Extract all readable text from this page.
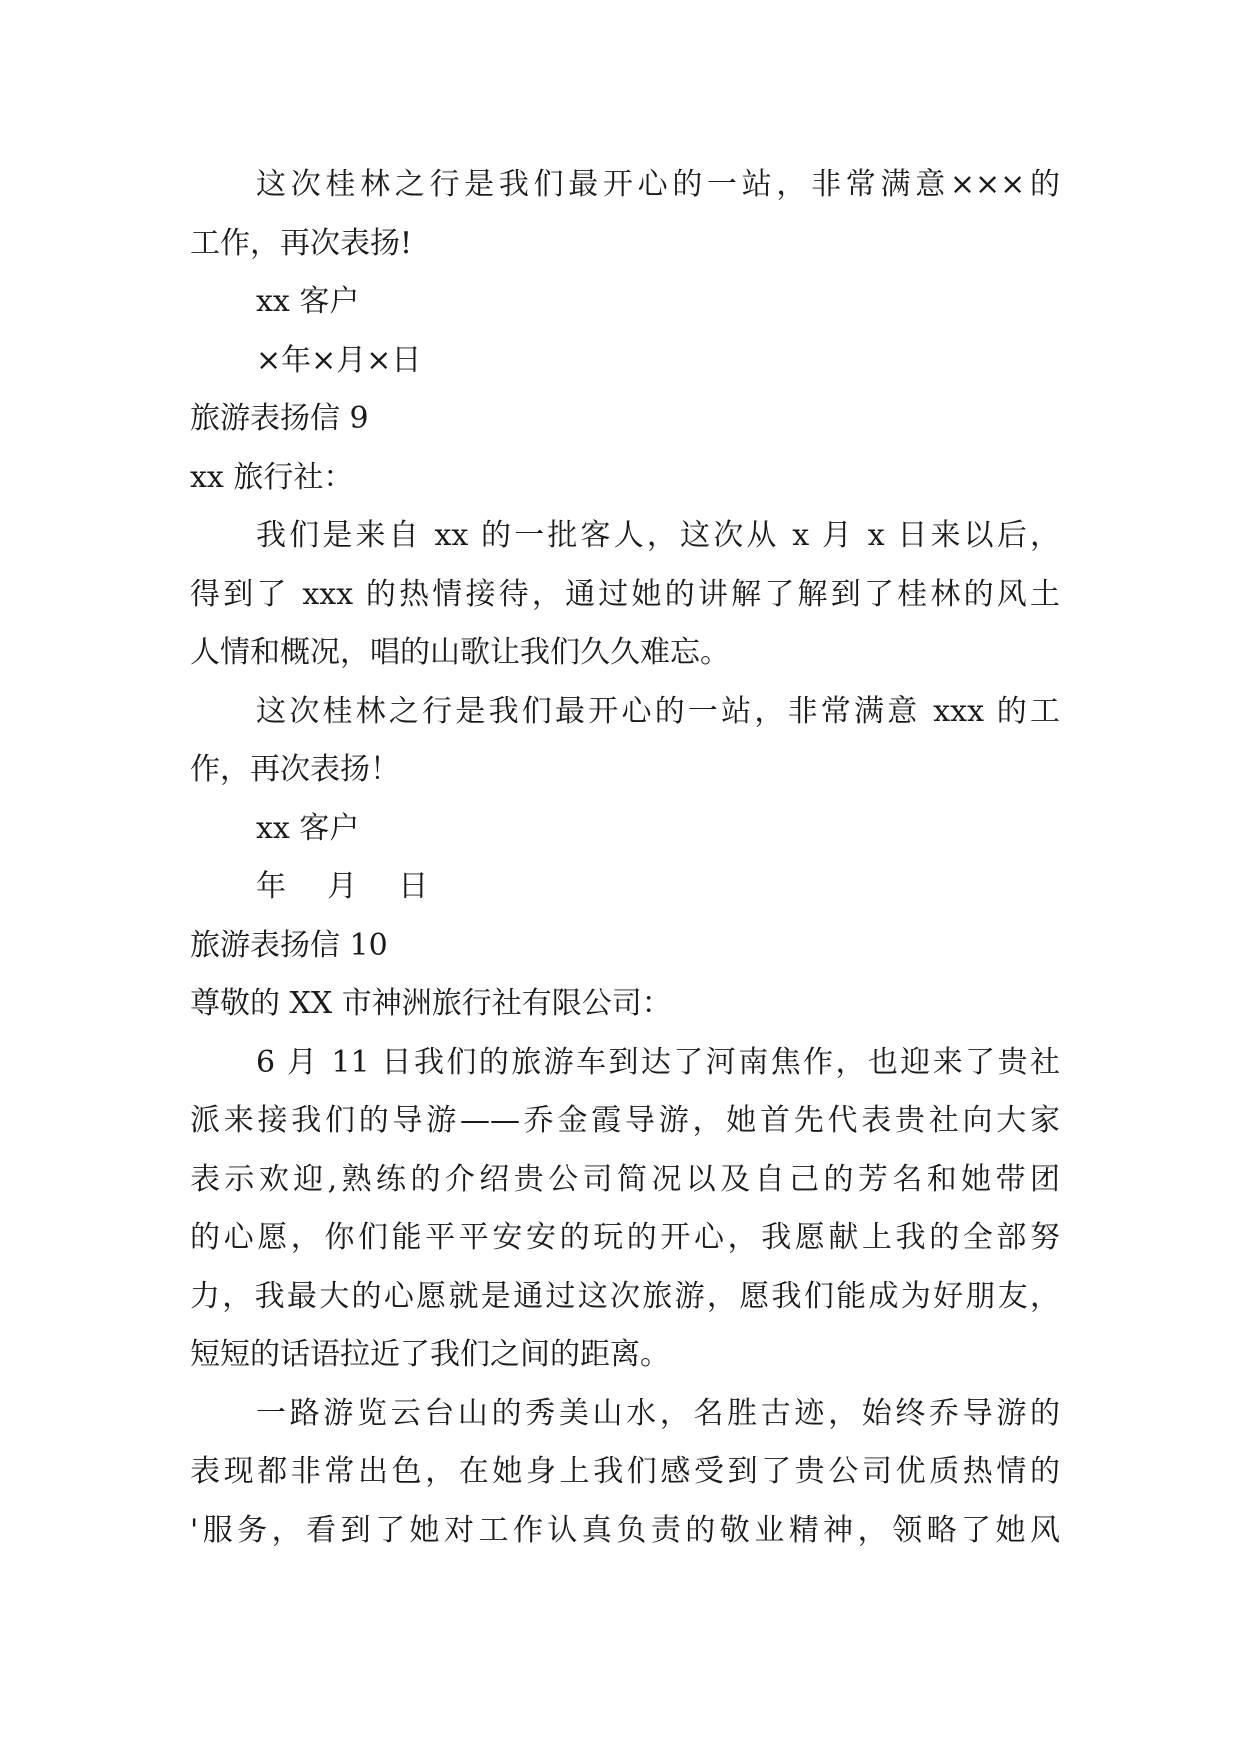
这次桂林之行是我们最开心的一站，非常满意×××的
工作，再次表扬!
xx 客户
×年×月×日
旅游表扬信 9
xx 旅行社：
我们是来自 xx 的一批客人，这次从 x 月 x 日来以后，
得到了 xxx 的热情接待，通过她的讲解了解到了桂林的风土
人情和概况，唱的山歌让我们久久难忘。
这次桂林之行是我们最开心的一站，非常满意 xxx 的工
作，再次表扬！
xx 客户
年 月 日
旅游表扬信 10
尊敬的 XX 市神洲旅行社有限公司：
6 月 11 日我们的旅游车到达了河南焦作，也迎来了贵社
派来接我们的导游——乔金霞导游，她首先代表贵社向大家
表示欢迎,熟练的介绍贵公司简况以及自己的芳名和她带团
的心愿，你们能平平安安的玩的开心，我愿献上我的全部努
力，我最大的心愿就是通过这次旅游，愿我们能成为好朋友，
短短的话语拉近了我们之间的距离。
一路游览云台山的秀美山水，名胜古迹，始终乔导游的
表现都非常出色，在她身上我们感受到了贵公司优质热情的
'服务，看到了她对工作认真负责的敬业精神，领略了她风
